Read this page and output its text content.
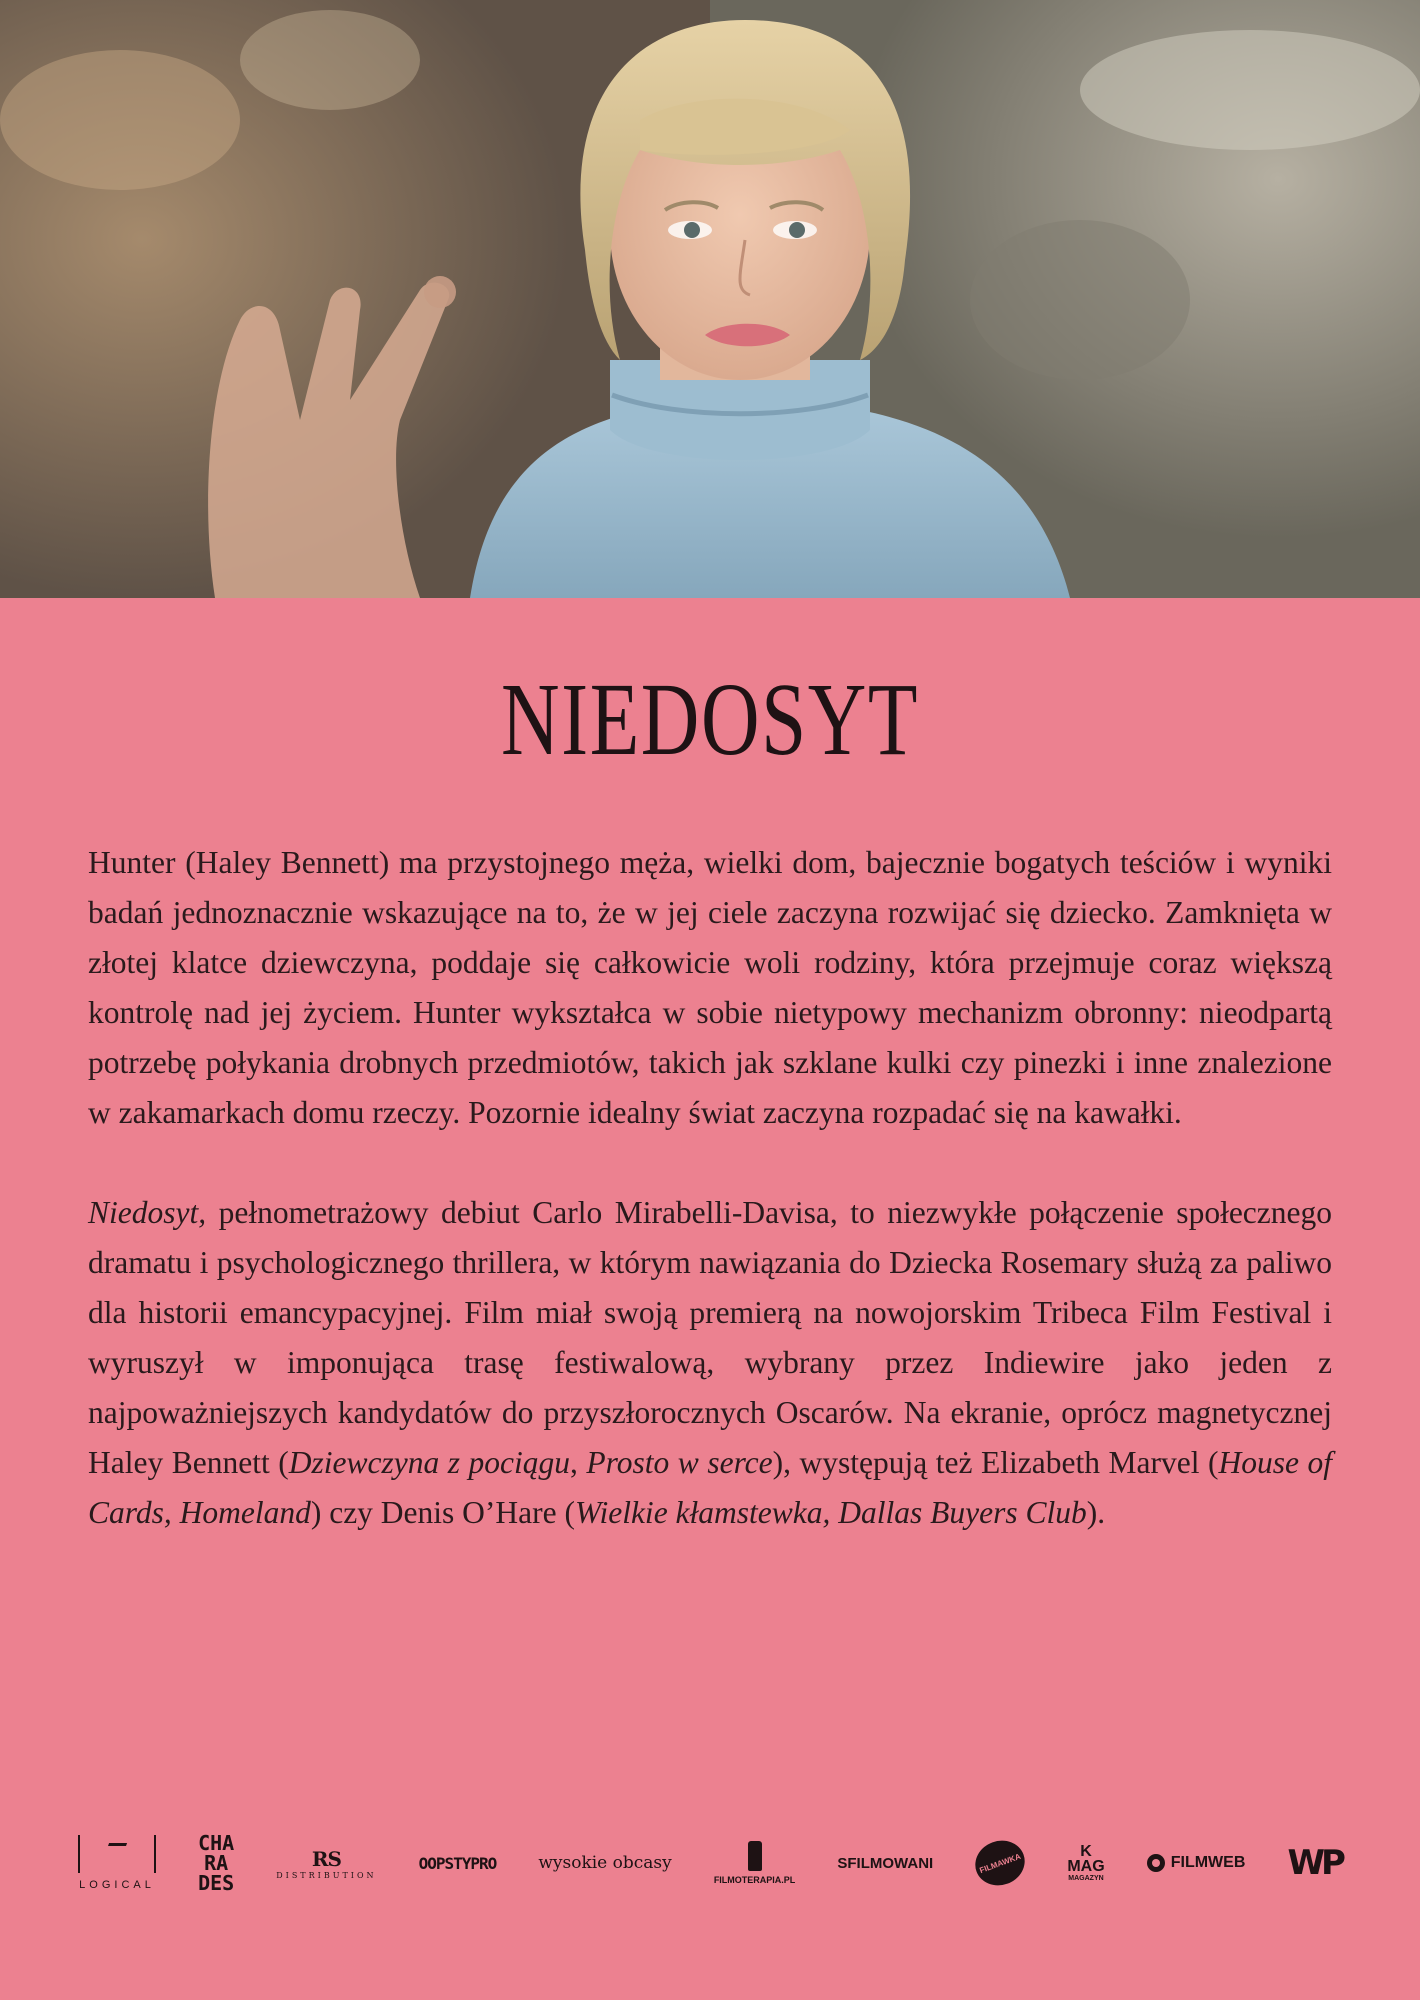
NIEDOSYT

Hunter (Haley Bennett) ma przystojnego męża, wielki dom, bajecznie bogatych teściów i wyniki badań jednoznacznie wskazujące na to, że w jej ciele zaczyna rozwijać się dziecko. Zamknięta w złotej klatce dziewczyna, poddaje się całkowicie woli rodziny, która przejmuje coraz większą kontrolę nad jej życiem. Hunter wykształca w sobie nietypowy mechanizm obronny: nieodpartą potrzebę połykania drobnych przedmiotów, takich jak szklane kulki czy pinezki i inne znalezione w zakamarkach domu rzeczy. Pozornie idealny świat zaczyna rozpadać się na kawałki.

Niedosyt, pełnometrażowy debiut Carlo Mirabelli-Davisa, to niezwykłe połączenie społecznego dramatu i psychologicznego thrillera, w którym nawiązania do Dziecka Rosemary służą za paliwo dla historii emancypacyjnej. Film miał swoją premierą na nowojorskim Tribeca Film Festival i wyruszył w imponująca trasę festiwalową, wybrany przez Indiewire jako jeden z najpoważniejszych kandydatów do przyszłorocznych Oscarów. Na ekranie, oprócz magnetycznej Haley Bennett (Dziewczyna z pociągu, Prosto w serce), występują też Elizabeth Marvel (House of Cards, Homeland) czy Denis O’Hare (Wielkie kłamstewka, Dallas Buyers Club).

LOGICAL
CHA
RA
DES
RS
DISTRIBUTION
OOPSTYPRO wysokie obcasy
FILMOTERAPIA.PL
SFILMOWANI	FILMAWKA
K
MAG
MAGAZYN
FILMWEB WP
